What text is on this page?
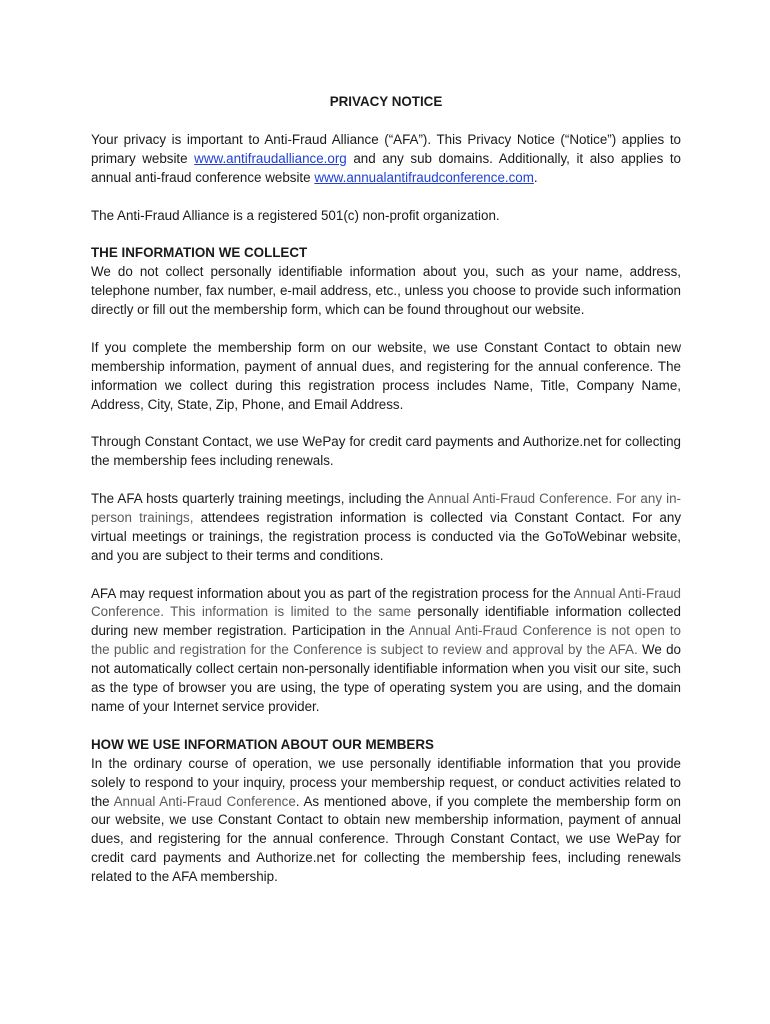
PRIVACY NOTICE

Your privacy is important to Anti-Fraud Alliance (“AFA”). This Privacy Notice (“Notice”) applies to primary website www.antifraudalliance.org and any sub domains. Additionally, it also applies to annual anti-fraud conference website www.annualantifraudconference.com.

The Anti-Fraud Alliance is a registered 501(c) non-profit organization.

THE INFORMATION WE COLLECT

We do not collect personally identifiable information about you, such as your name, address, telephone number, fax number, e-mail address, etc., unless you choose to provide such information directly or fill out the membership form, which can be found throughout our website.

If you complete the membership form on our website, we use Constant Contact to obtain new membership information, payment of annual dues, and registering for the annual conference. The information we collect during this registration process includes Name, Title, Company Name, Address, City, State, Zip, Phone, and Email Address.

Through Constant Contact, we use WePay for credit card payments and Authorize.net for collecting the membership fees including renewals.

The AFA hosts quarterly training meetings, including the Annual Anti-Fraud Conference. For any in-person trainings, attendees registration information is collected via Constant Contact. For any virtual meetings or trainings, the registration process is conducted via the GoToWebinar website, and you are subject to their terms and conditions.

AFA may request information about you as part of the registration process for the Annual Anti-Fraud Conference. This information is limited to the same personally identifiable information collected during new member registration. Participation in the Annual Anti-Fraud Conference is not open to the public and registration for the Conference is subject to review and approval by the AFA. We do not automatically collect certain non-personally identifiable information when you visit our site, such as the type of browser you are using, the type of operating system you are using, and the domain name of your Internet service provider.

HOW WE USE INFORMATION ABOUT OUR MEMBERS

In the ordinary course of operation, we use personally identifiable information that you provide solely to respond to your inquiry, process your membership request, or conduct activities related to the Annual Anti-Fraud Conference. As mentioned above, if you complete the membership form on our website, we use Constant Contact to obtain new membership information, payment of annual dues, and registering for the annual conference. Through Constant Contact, we use WePay for credit card payments and Authorize.net for collecting the membership fees, including renewals related to the AFA membership.
